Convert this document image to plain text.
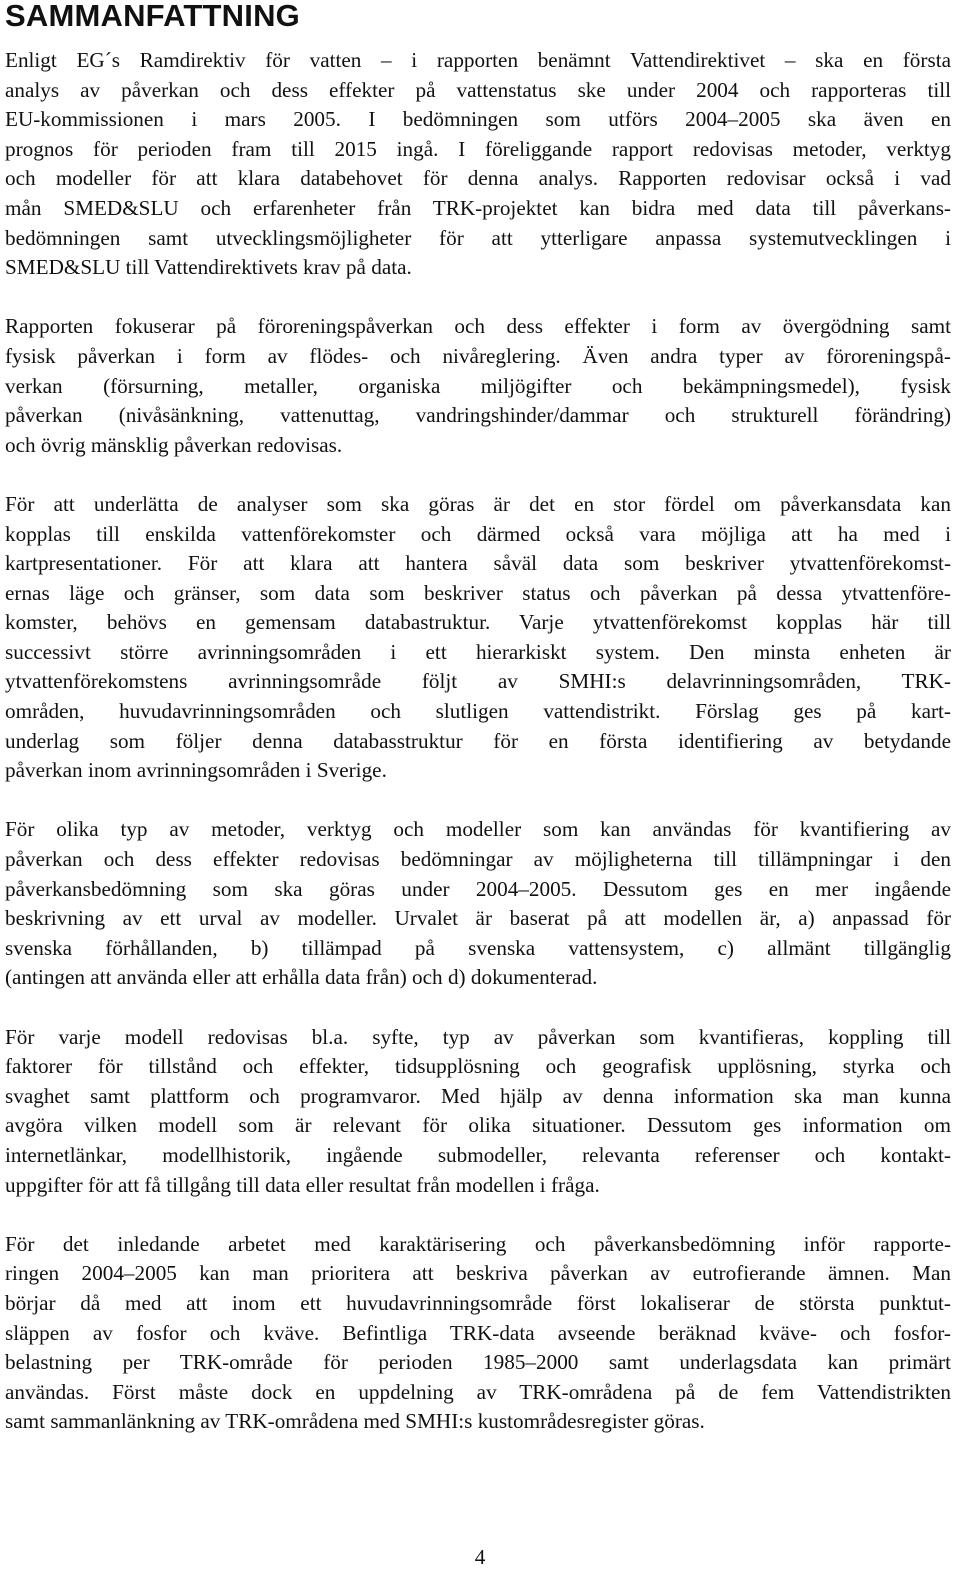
SAMMANFATTNING

Enligt EG´s Ramdirektiv för vatten – i rapporten benämnt Vattendirektivet – ska en första
analys av påverkan och dess effekter på vattenstatus ske under 2004 och rapporteras till
EU-kommissionen i mars 2005. I bedömningen som utförs 2004–2005 ska även en
prognos för perioden fram till 2015 ingå. I föreliggande rapport redovisas metoder, verktyg
och modeller för att klara databehovet för denna analys. Rapporten redovisar också i vad
mån SMED&SLU och erfarenheter från TRK-projektet kan bidra med data till påverkans-
bedömningen samt utvecklingsmöjligheter för att ytterligare anpassa systemutvecklingen i
SMED&SLU till Vattendirektivets krav på data.

Rapporten fokuserar på föroreningspåverkan och dess effekter i form av övergödning samt
fysisk påverkan i form av flödes- och nivåreglering. Även andra typer av föroreningspå-
verkan (försurning, metaller, organiska miljögifter och bekämpningsmedel), fysisk
påverkan (nivåsänkning, vattenuttag, vandringshinder/dammar och strukturell förändring)
och övrig mänsklig påverkan redovisas.

För att underlätta de analyser som ska göras är det en stor fördel om påverkansdata kan
kopplas till enskilda vattenförekomster och därmed också vara möjliga att ha med i
kartpresentationer. För att klara att hantera såväl data som beskriver ytvattenförekomst-
ernas läge och gränser, som data som beskriver status och påverkan på dessa ytvattenföre-
komster, behövs en gemensam databastruktur. Varje ytvattenförekomst kopplas här till
successivt större avrinningsområden i ett hierarkiskt system. Den minsta enheten är
ytvattenförekomstens avrinningsområde följt av SMHI:s delavrinningsområden, TRK-
områden, huvudavrinningsområden och slutligen vattendistrikt. Förslag ges på kart-
underlag som följer denna databasstruktur för en första identifiering av betydande
påverkan inom avrinningsområden i Sverige.

För olika typ av metoder, verktyg och modeller som kan användas för kvantifiering av
påverkan och dess effekter redovisas bedömningar av möjligheterna till tillämpningar i den
påverkansbedömning som ska göras under 2004–2005. Dessutom ges en mer ingående
beskrivning av ett urval av modeller. Urvalet är baserat på att modellen är, a) anpassad för
svenska förhållanden, b) tillämpad på svenska vattensystem, c) allmänt tillgänglig
(antingen att använda eller att erhålla data från) och d) dokumenterad.

För varje modell redovisas bl.a. syfte, typ av påverkan som kvantifieras, koppling till
faktorer för tillstånd och effekter, tidsupplösning och geografisk upplösning, styrka och
svaghet samt plattform och programvaror. Med hjälp av denna information ska man kunna
avgöra vilken modell som är relevant för olika situationer. Dessutom ges information om
internetlänkar, modellhistorik, ingående submodeller, relevanta referenser och kontakt-
uppgifter för att få tillgång till data eller resultat från modellen i fråga.

För det inledande arbetet med karaktärisering och påverkansbedömning inför rapporte-
ringen 2004–2005 kan man prioritera att beskriva påverkan av eutrofierande ämnen. Man
börjar då med att inom ett huvudavrinningsområde först lokaliserar de största punktut-
släppen av fosfor och kväve. Befintliga TRK-data avseende beräknad kväve- och fosfor-
belastning per TRK-område för perioden 1985–2000 samt underlagsdata kan primärt
användas. Först måste dock en uppdelning av TRK-områdena på de fem Vattendistrikten
samt sammanlänkning av TRK-områdena med SMHI:s kustområdesregister göras.

4
